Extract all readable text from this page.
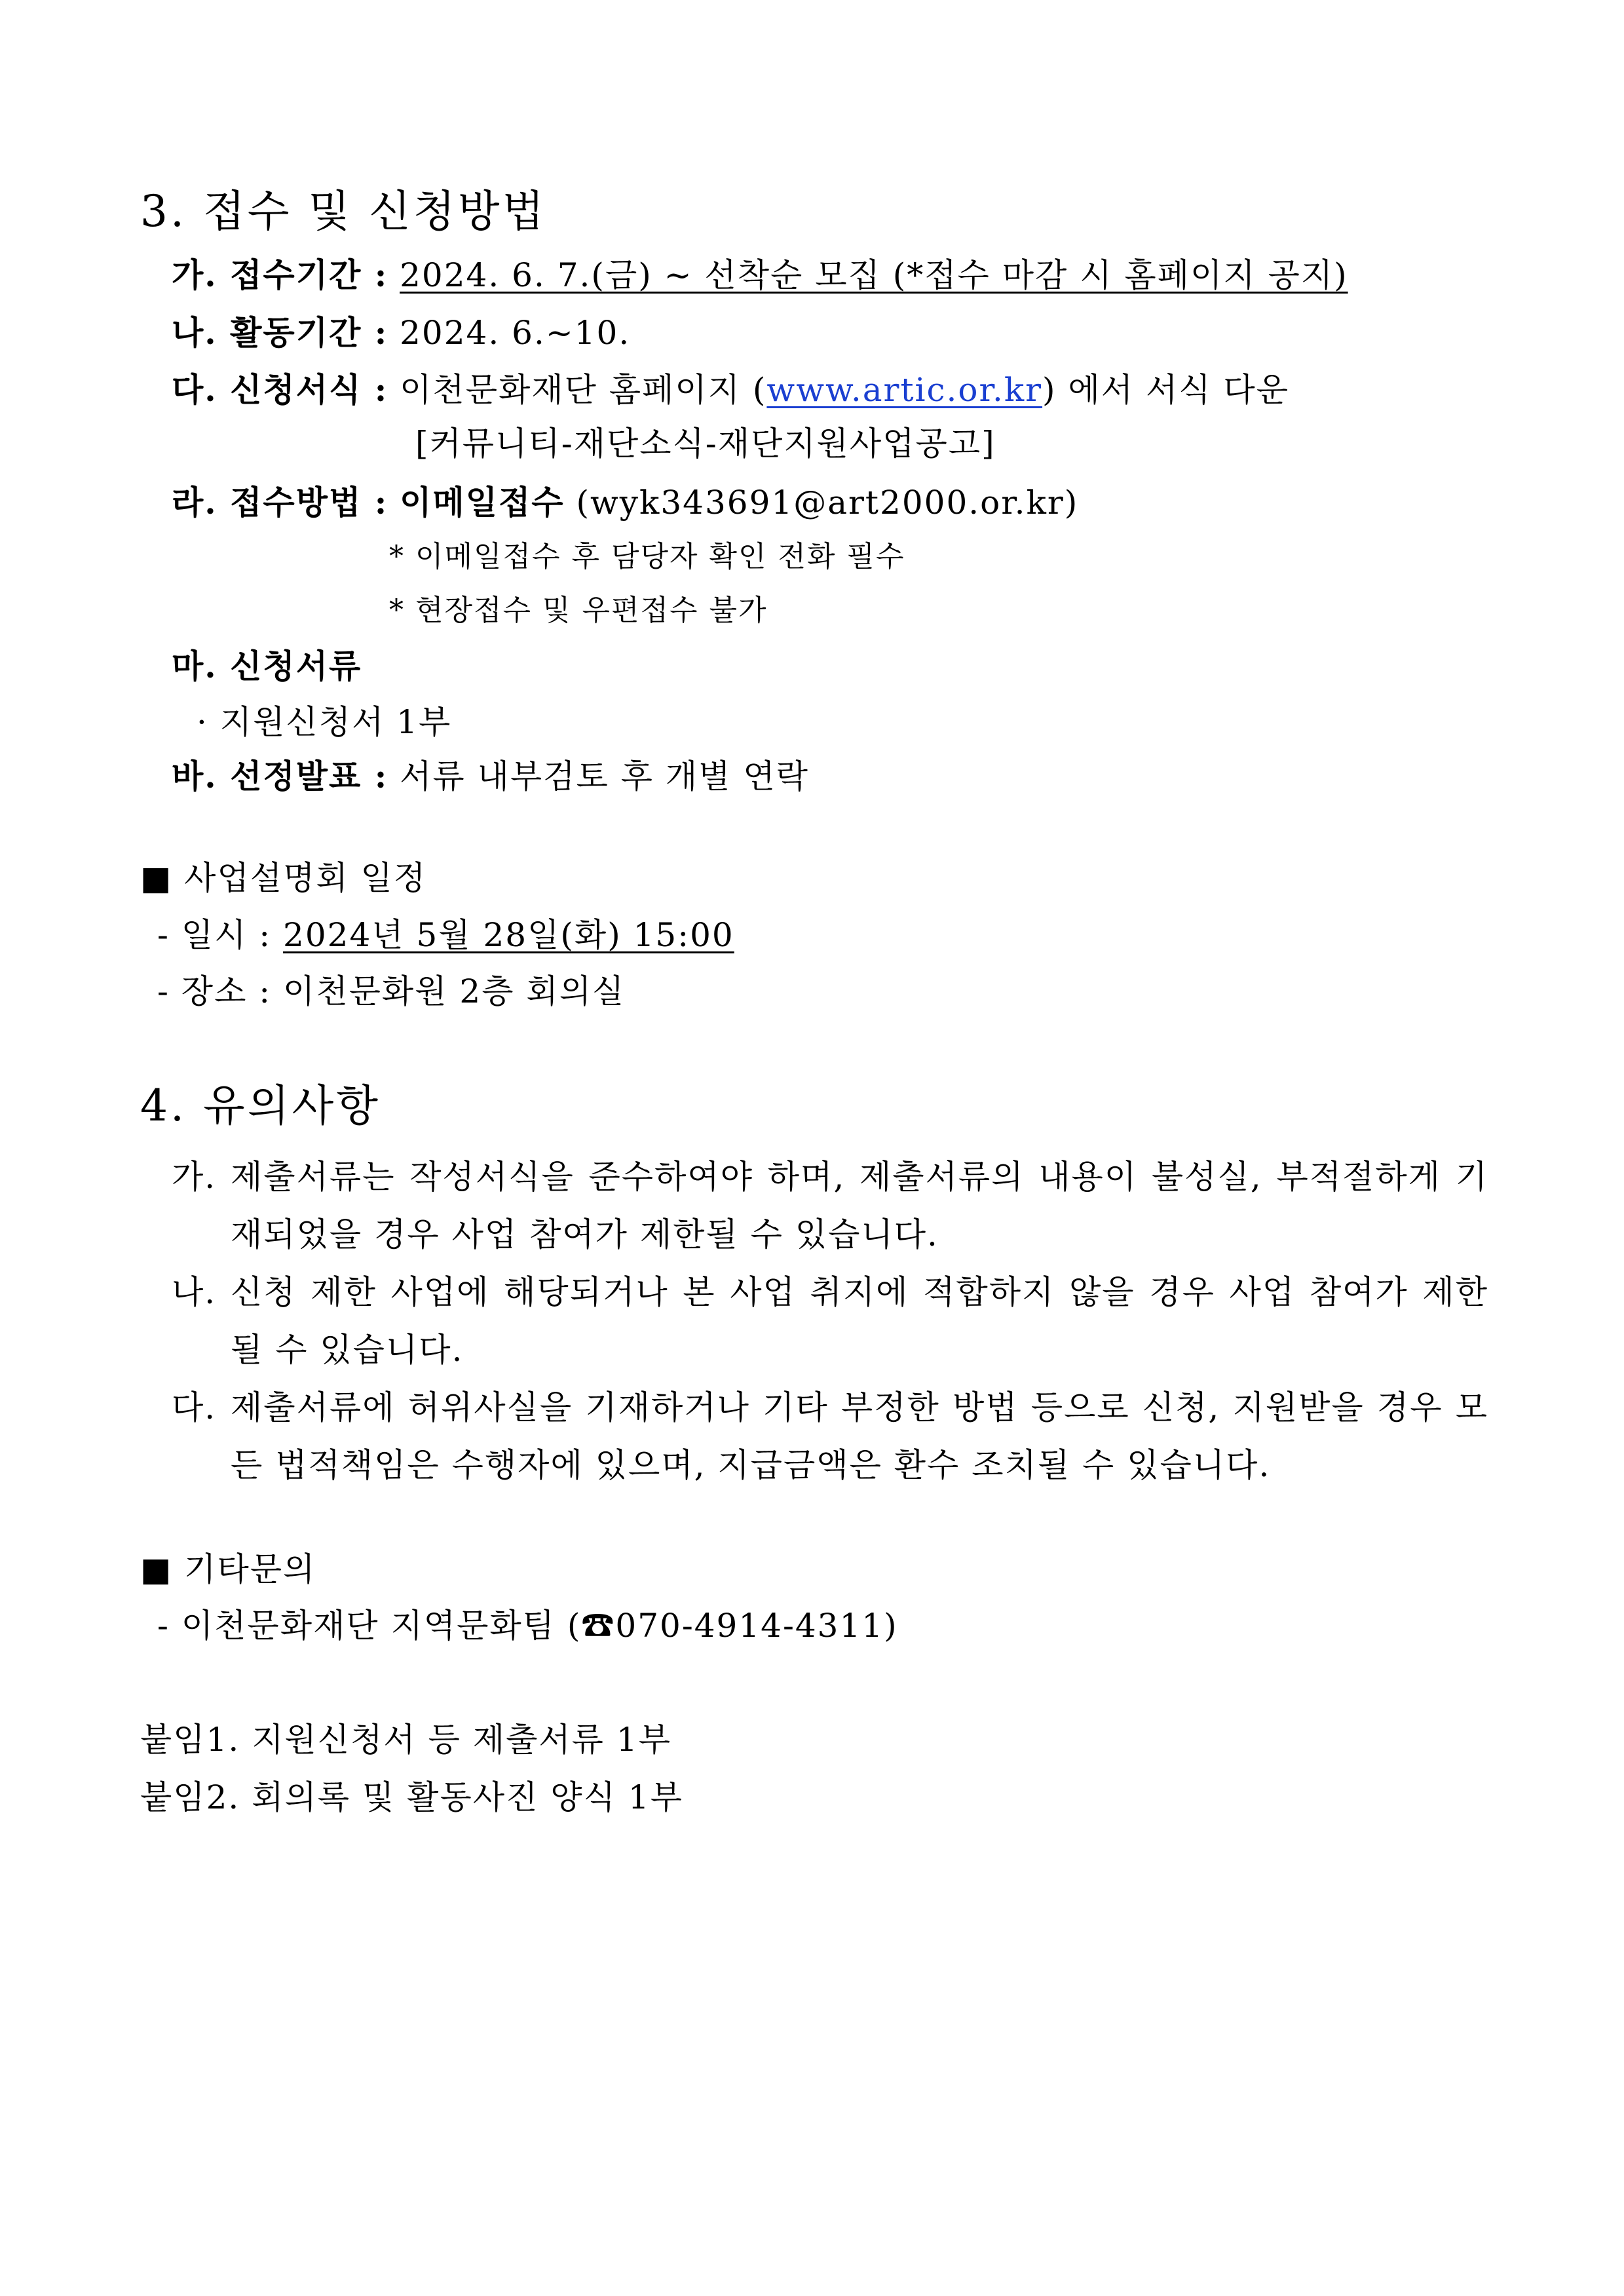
3. 접수 및 신청방법
가. 접수기간 : 2024. 6. 7.(금) ~ 선착순 모집 (*접수 마감 시 홈페이지 공지)
나. 활동기간 : 2024. 6.~10.
다. 신청서식 : 이천문화재단 홈페이지 (www.artic.or.kr) 에서 서식 다운
[커뮤니티-재단소식-재단지원사업공고]
라. 접수방법 : 이메일접수 (wyk343691@art2000.or.kr)
* 이메일접수 후 담당자 확인 전화 필수
* 현장접수 및 우편접수 불가
마. 신청서류
· 지원신청서 1부
바. 선정발표 : 서류 내부검토 후 개별 연락
■ 사업설명회 일정
- 일시 : 2024년 5월 28일(화) 15:00
- 장소 : 이천문화원 2층 회의실
4. 유의사항
가. 제출서류는 작성서식을 준수하여야 하며, 제출서류의 내용이 불성실, 부적절하게 기재되었을 경우 사업 참여가 제한될 수 있습니다.
나. 신청 제한 사업에 해당되거나 본 사업 취지에 적합하지 않을 경우 사업 참여가 제한될 수 있습니다.
다. 제출서류에 허위사실을 기재하거나 기타 부정한 방법 등으로 신청, 지원받을 경우 모든 법적책임은 수행자에 있으며, 지급금액은 환수 조치될 수 있습니다.
■ 기타문의
- 이천문화재단 지역문화팀 (☎070-4914-4311)
붙임1. 지원신청서 등 제출서류 1부
붙임2. 회의록 및 활동사진 양식 1부
